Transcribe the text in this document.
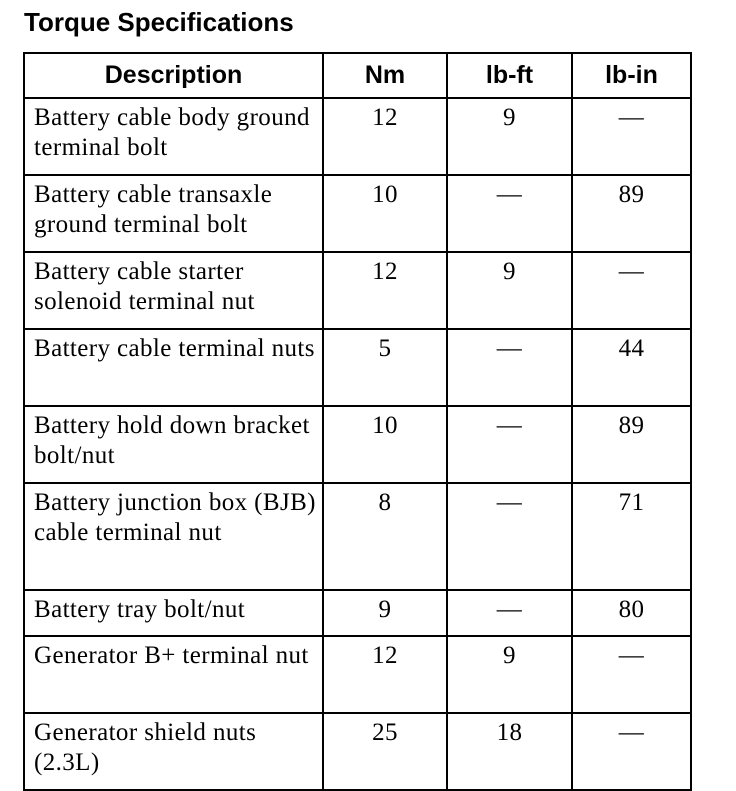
Torque Specifications
Description	Nm	lb-ft	lb-in
Battery cable body ground terminal bolt	12	9	—
Battery cable transaxle ground terminal bolt	10	—	89
Battery cable starter solenoid terminal nut	12	9	—
Battery cable terminal nuts	5	—	44
Battery hold down bracket bolt/nut	10	—	89
Battery junction box (BJB) cable terminal nut	8	—	71
Battery tray bolt/nut	9	—	80
Generator B+ terminal nut	12	9	—
Generator shield nuts (2.3L)	25	18	—
